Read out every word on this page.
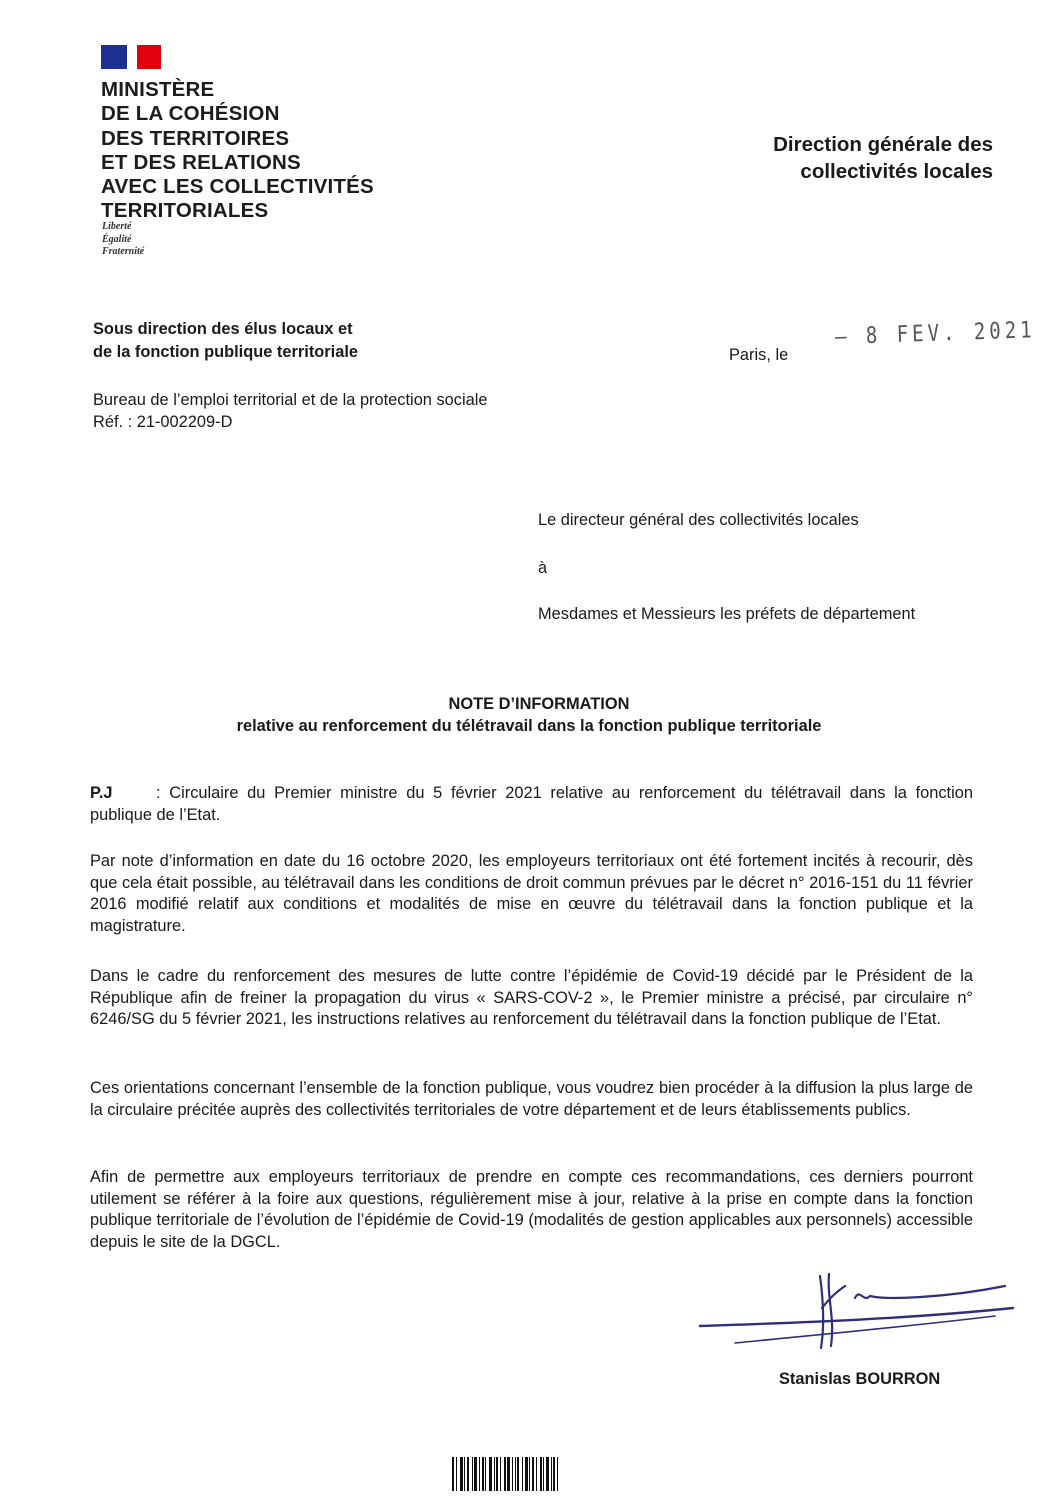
MINISTÈRE
DE LA COHÉSION
DES TERRITOIRES
ET DES RELATIONS
AVEC LES COLLECTIVITÉS
TERRITORIALES
Liberté
Égalité
Fraternité
Direction générale des
collectivités locales
Sous direction des élus locaux et
de la fonction publique territoriale	Paris, le
– 8 FEV. 2021
Bureau de l’emploi territorial et de la protection sociale
Réf. : 21-002209-D
Le directeur général des collectivités locales
à
Mesdames et Messieurs les préfets de département
NOTE D’INFORMATION
relative au renforcement du télétravail dans la fonction publique territoriale
P.J	: Circulaire du Premier ministre du 5 février 2021 relative au renforcement du télétravail dans la fonction publique de l’Etat.
Par note d’information en date du 16 octobre 2020, les employeurs territoriaux ont été fortement incités à recourir, dès que cela était possible, au télétravail dans les conditions de droit commun prévues par le décret n° 2016-151 du 11 février 2016 modifié relatif aux conditions et modalités de mise en œuvre du télétravail dans la fonction publique et la magistrature.
Dans le cadre du renforcement des mesures de lutte contre l’épidémie de Covid-19 décidé par le Président de la République afin de freiner la propagation du virus « SARS-COV-2 », le Premier ministre a précisé, par circulaire n° 6246/SG du 5 février 2021, les instructions relatives au renforcement du télétravail dans la fonction publique de l’Etat.
Ces orientations concernant l’ensemble de la fonction publique, vous voudrez bien procéder à la diffusion la plus large de la circulaire précitée auprès des collectivités territoriales de votre département et de leurs établissements publics.
Afin de permettre aux employeurs territoriaux de prendre en compte ces recommandations, ces derniers pourront utilement se référer à la foire aux questions, régulièrement mise à jour, relative à la prise en compte dans la fonction publique territoriale de l’évolution de l’épidémie de Covid-19 (modalités de gestion applicables aux personnels) accessible depuis le site de la DGCL.
Stanislas BOURRON
